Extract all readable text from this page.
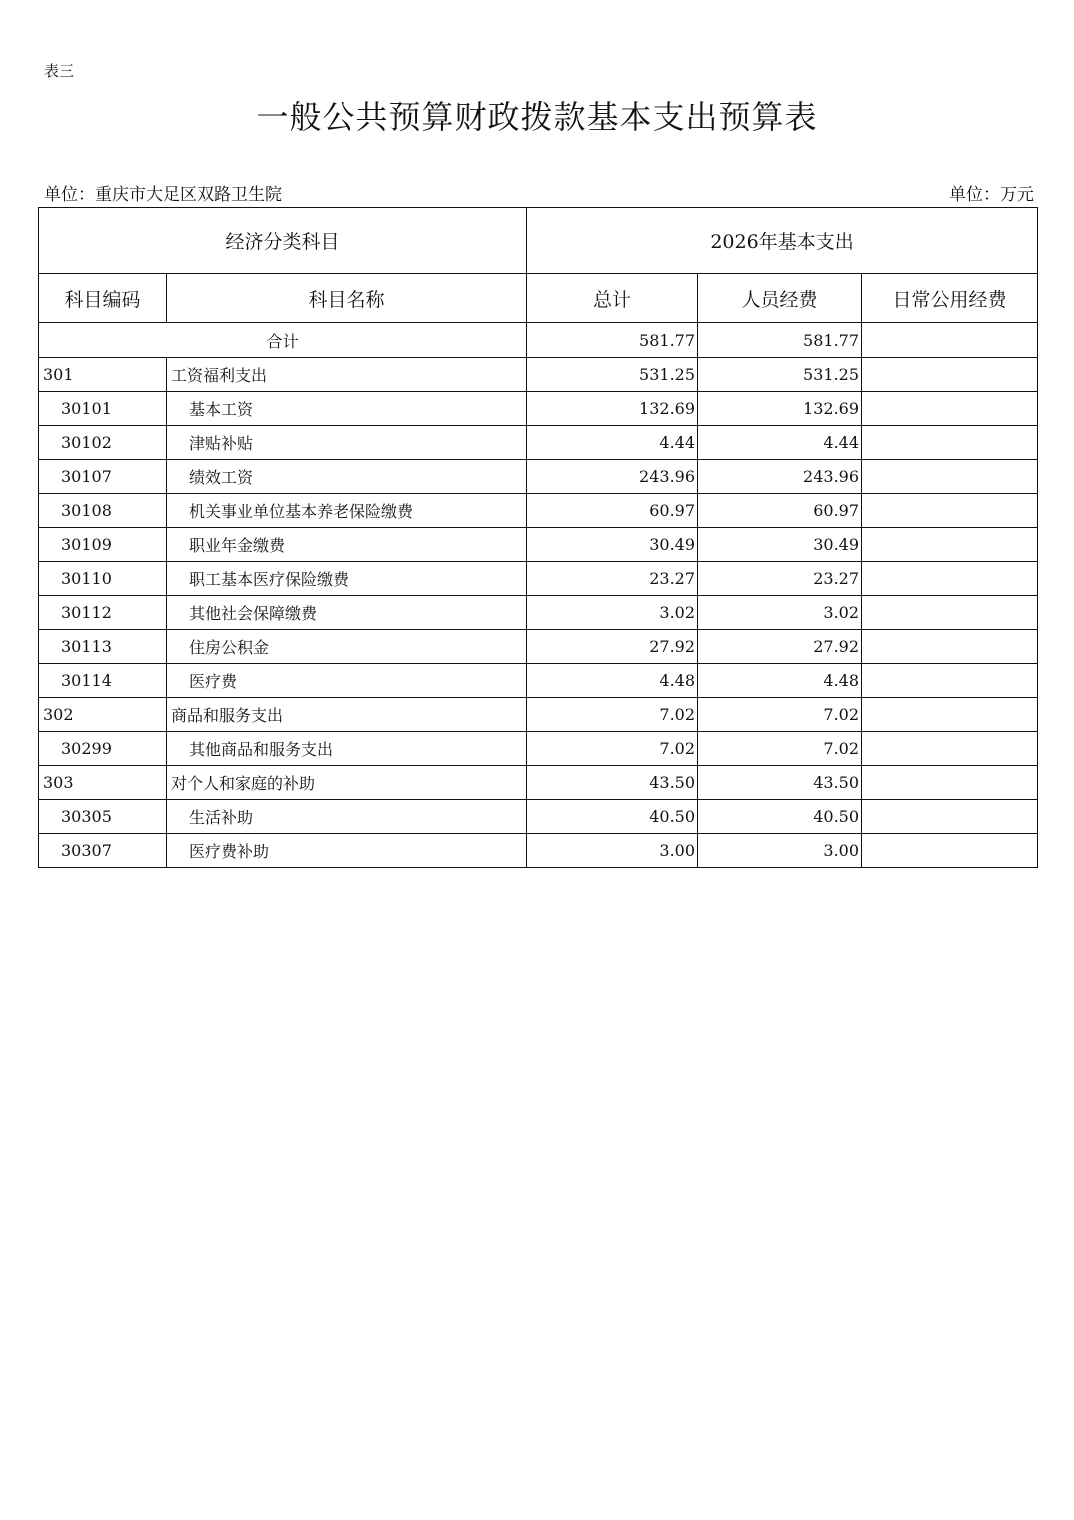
表三
一般公共预算财政拨款基本支出预算表
单位：重庆市大足区双路卫生院	单位：万元
经济分类科目		2026年基本支出		
科目编码	科目名称	总计	人员经费	日常公用经费
合计		581.77	581.77	
301	工资福利支出	531.25	531.25	
30101	基本工资	132.69	132.69	
30102	津贴补贴	4.44	4.44	
30107	绩效工资	243.96	243.96	
30108	机关事业单位基本养老保险缴费	60.97	60.97	
30109	职业年金缴费	30.49	30.49	
30110	职工基本医疗保险缴费	23.27	23.27	
30112	其他社会保障缴费	3.02	3.02	
30113	住房公积金	27.92	27.92	
30114	医疗费	4.48	4.48	
302	商品和服务支出	7.02	7.02	
30299	其他商品和服务支出	7.02	7.02	
303	对个人和家庭的补助	43.50	43.50	
30305	生活补助	40.50	40.50	
30307	医疗费补助	3.00	3.00	
